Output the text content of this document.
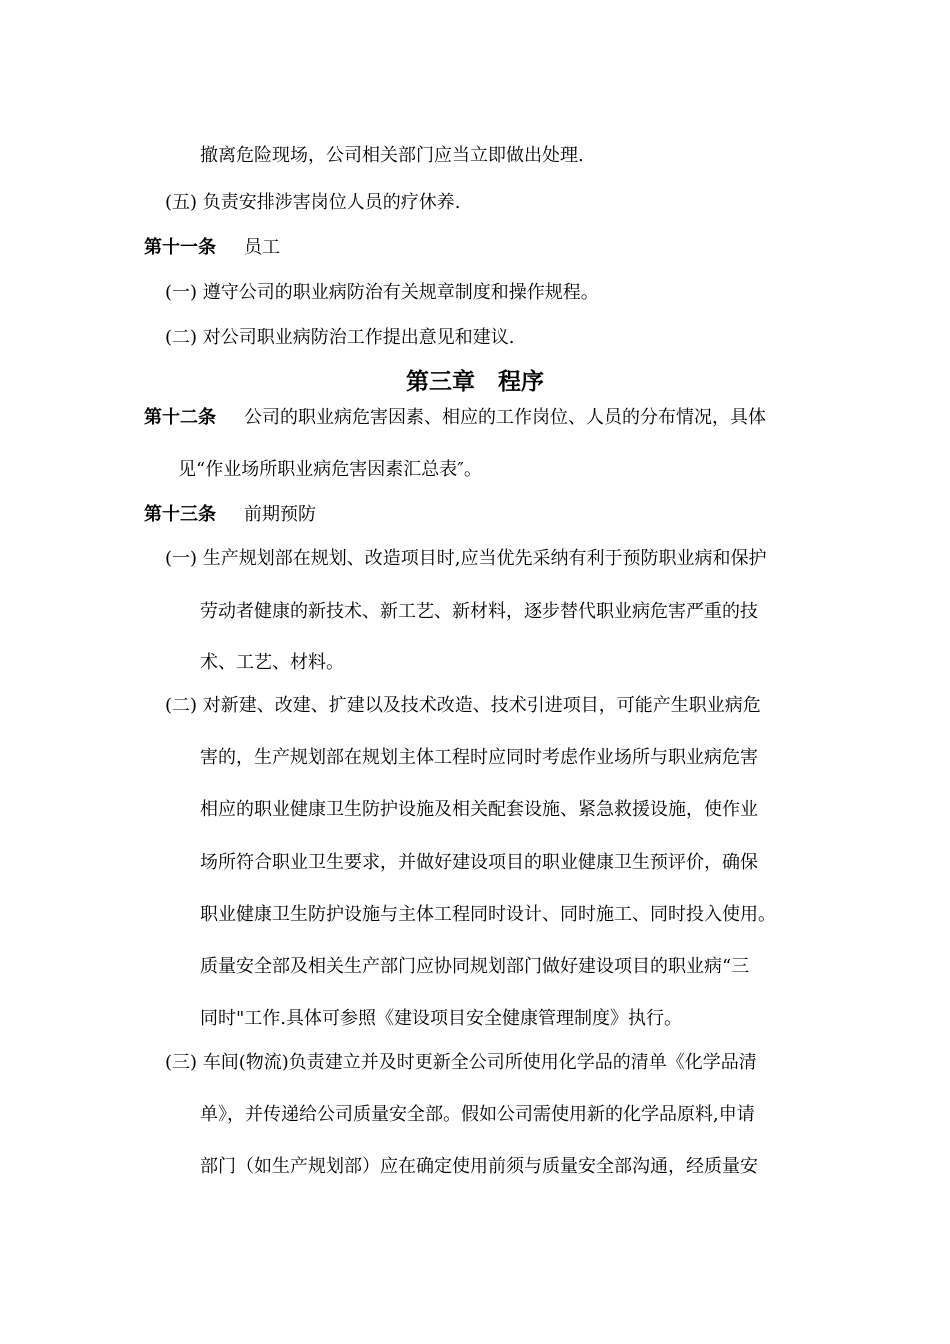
撤离危险现场，公司相关部门应当立即做出处理.
(五) 负责安排涉害岗位人员的疗休养.
第十一条 员工
(一) 遵守公司的职业病防治有关规章制度和操作规程。
(二) 对公司职业病防治工作提出意见和建议.
第三章　程序
第十二条 公司的职业病危害因素、相应的工作岗位、人员的分布情况，具体
见“作业场所职业病危害因素汇总表″。
第十三条 前期预防
(一) 生产规划部在规划、改造项目时,应当优先采纳有利于预防职业病和保护
劳动者健康的新技术、新工艺、新材料，逐步替代职业病危害严重的技
术、工艺、材料。
(二) 对新建、改建、扩建以及技术改造、技术引进项目，可能产生职业病危
害的，生产规划部在规划主体工程时应同时考虑作业场所与职业病危害
相应的职业健康卫生防护设施及相关配套设施、紧急救援设施，使作业
场所符合职业卫生要求，并做好建设项目的职业健康卫生预评价，确保
职业健康卫生防护设施与主体工程同时设计、同时施工、同时投入使用。
质量安全部及相关生产部门应协同规划部门做好建设项目的职业病“三
同时"工作.具体可参照《建设项目安全健康管理制度》执行。
(三) 车间(物流)负责建立并及时更新全公司所使用化学品的清单《化学品清
单》，并传递给公司质量安全部。假如公司需使用新的化学品原料,申请
部门（如生产规划部）应在确定使用前须与质量安全部沟通，经质量安
